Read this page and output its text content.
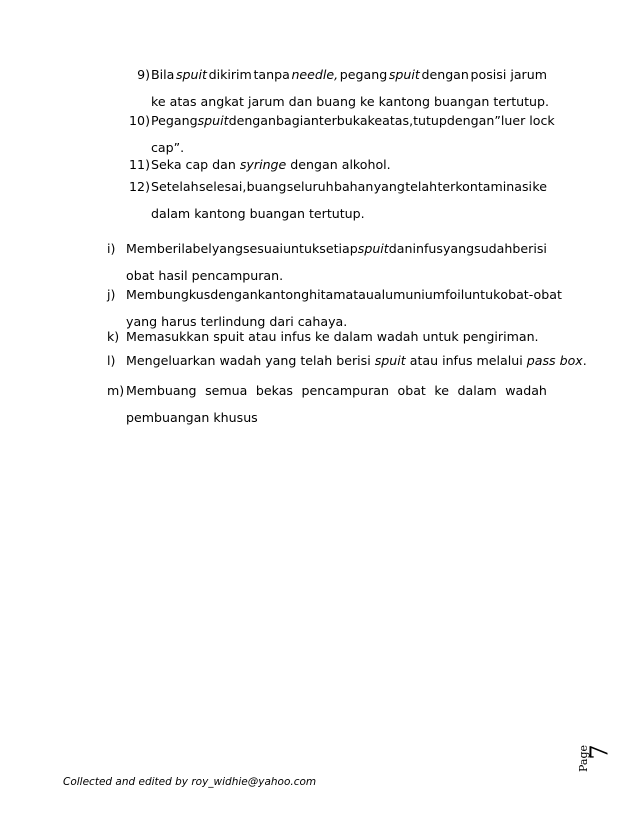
9) Bila spuit dikirim tanpa needle, pegang spuit dengan posisi jarum
ke atas angkat jarum dan buang ke kantong buangan tertutup.
10) Pegang spuit dengan bagian terbuka ke atas, tutup dengan ”luer lock
cap”.
11) Seka cap dan syringe dengan alkohol.
12) Setelah selesai, buang seluruh bahan yang telah terkontaminasi ke
dalam kantong buangan tertutup.
i) Memberi label yang sesuai untuk setiap spuit dan infus yang sudah berisi
obat hasil pencampuran.
j) Membungkus dengan kantong hitam atau alumunium foil untuk obat-obat
yang harus terlindung dari cahaya.
k) Memasukkan spuit atau infus ke dalam wadah untuk pengiriman.
l) Mengeluarkan wadah yang telah berisi spuit atau infus melalui pass box.
m) Membuang semua bekas pencampuran obat ke dalam wadah
pembuangan khusus
Page
7
Collected and edited by roy_widhie@yahoo.com
